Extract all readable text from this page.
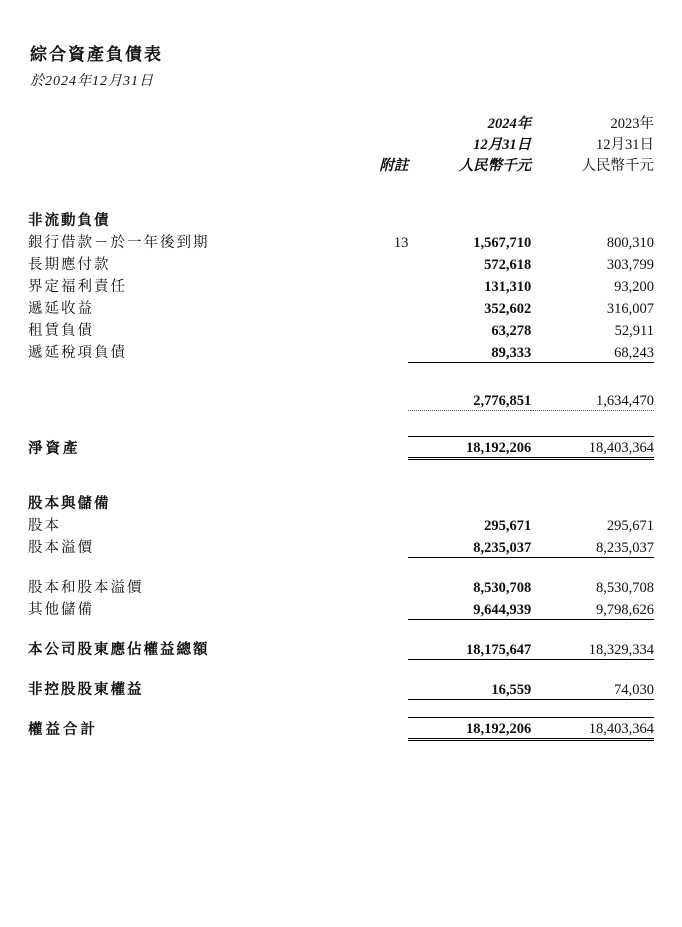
綜合資產負債表
於2024年12月31日
		2024年	2023年
		12月31日	12月31日
	附註	人民幣千元	人民幣千元

非流動負債			
銀行借款－於一年後到期	13	1,567,710	800,310
長期應付款		572,618	303,799
界定福利責任		131,310	93,200
遞延收益		352,602	316,007
租賃負債		63,278	52,911
遞延稅項負債		89,333	68,243

		2,776,851	1,634,470

淨資產		18,192,206	18,403,364

股本與儲備			
股本		295,671	295,671
股本溢價		8,235,037	8,235,037

股本和股本溢價		8,530,708	8,530,708
其他儲備		9,644,939	9,798,626

本公司股東應佔權益總額		18,175,647	18,329,334

非控股股東權益		16,559	74,030

權益合計		18,192,206	18,403,364
